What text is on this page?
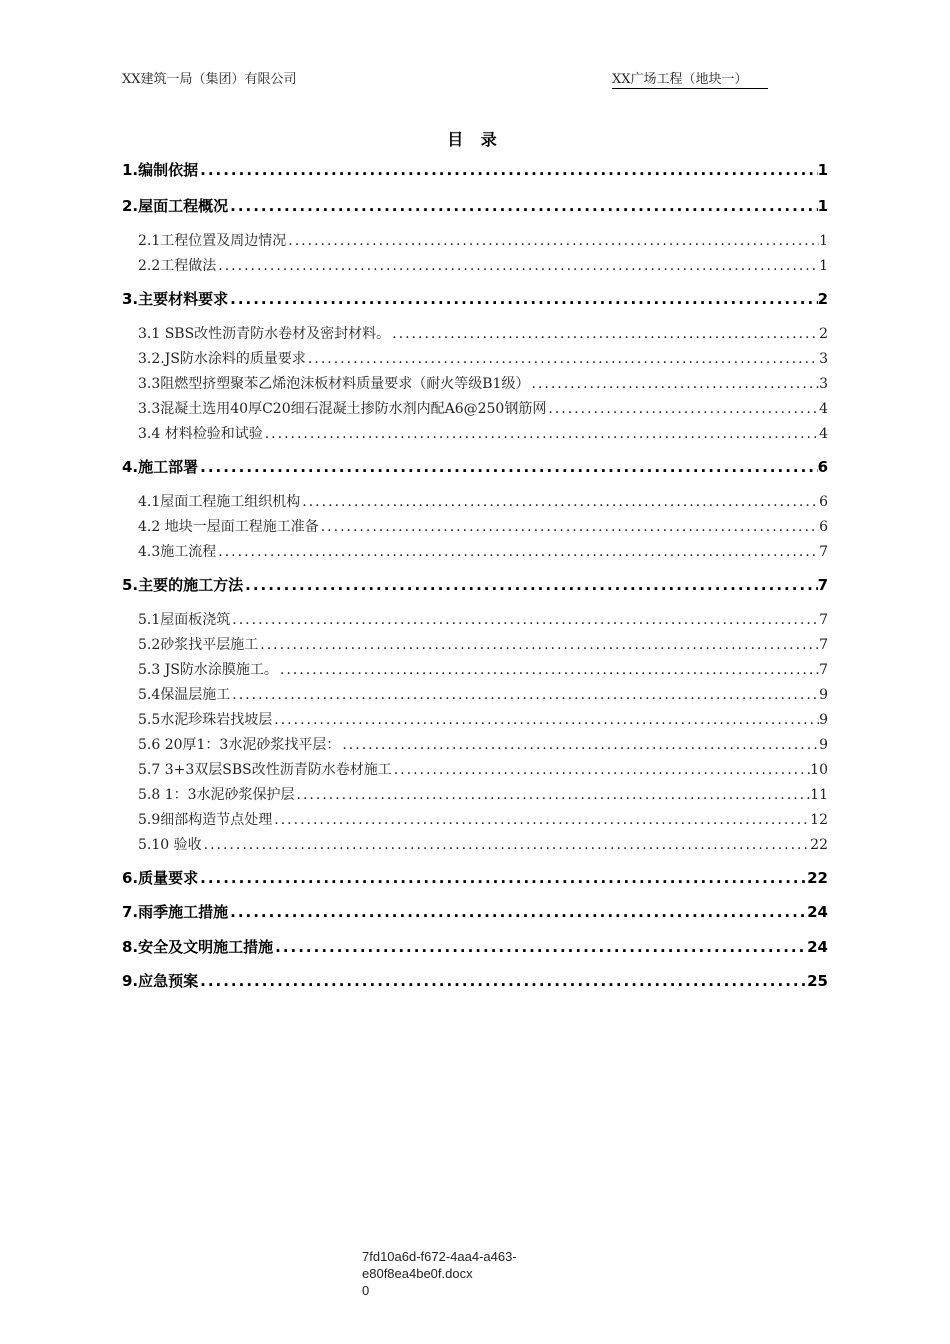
XX建筑一局（集团）有限公司	XX广场工程（地块一）
目 录
1.编制依据 .....	1
2.屋面工程概况 .....	1
2.1工程位置及周边情况 .....	1
2.2工程做法 .....	1
3.主要材料要求 .....	2
3.1 SBS改性沥青防水卷材及密封材料。 .....	2
3.2.JS防水涂料的质量要求 .....	3
3.3阻燃型挤塑聚苯乙烯泡沫板材料质量要求（耐火等级B1级） .....	3
3.3混凝土选用40厚C20细石混凝土掺防水剂内配A6@250钢筋网 .....	4
3.4 材料检验和试验 .....	4
4.施工部署 .....	6
4.1屋面工程施工组织机构 .....	6
4.2 地块一屋面工程施工准备 .....	6
4.3施工流程 .....	7
5.主要的施工方法 .....	7
5.1屋面板浇筑 .....	7
5.2砂浆找平层施工 .....	7
5.3 JS防水涂膜施工。 .....	7
5.4保温层施工 .....	9
5.5水泥珍珠岩找坡层 .....	9
5.6 20厚1：3水泥砂浆找平层： .....	9
5.7 3+3双层SBS改性沥青防水卷材施工 .....	10
5.8 1：3水泥砂浆保护层 .....	11
5.9细部构造节点处理 .....	12
5.10 验收 .....	22
6.质量要求 .....	22
7.雨季施工措施 .....	24
8.安全及文明施工措施 .....	24
9.应急预案 .....	25
7fd10a6d-f672-4aa4-a463-
e80f8ea4be0f.docx
0
